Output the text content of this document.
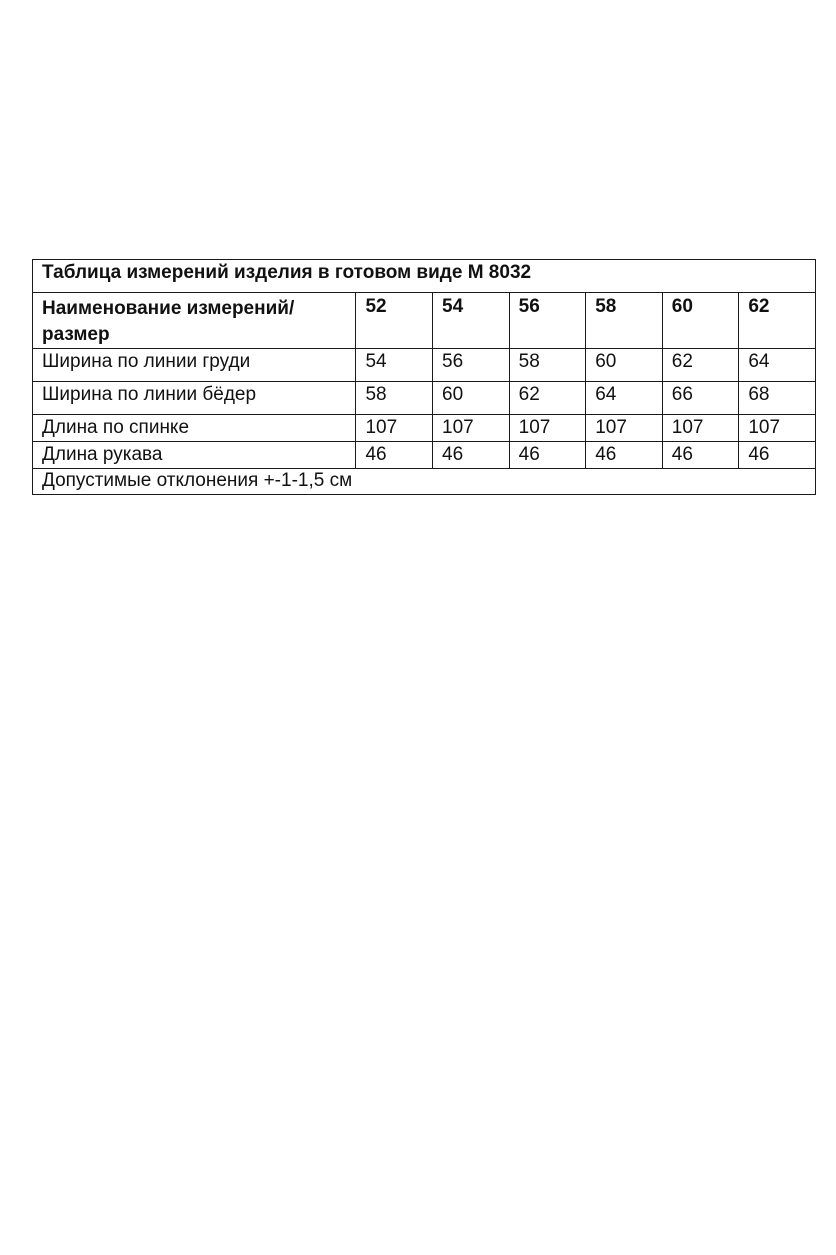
Таблица измерений изделия в готовом виде М 8032						
Наименование измерений/размер	52	54	56	58	60	62
Ширина по линии груди	54	56	58	60	62	64
Ширина по линии бёдер	58	60	62	64	66	68
Длина по спинке	107	107	107	107	107	107
Длина рукава	46	46	46	46	46	46
Допустимые отклонения +-1-1,5 см						
